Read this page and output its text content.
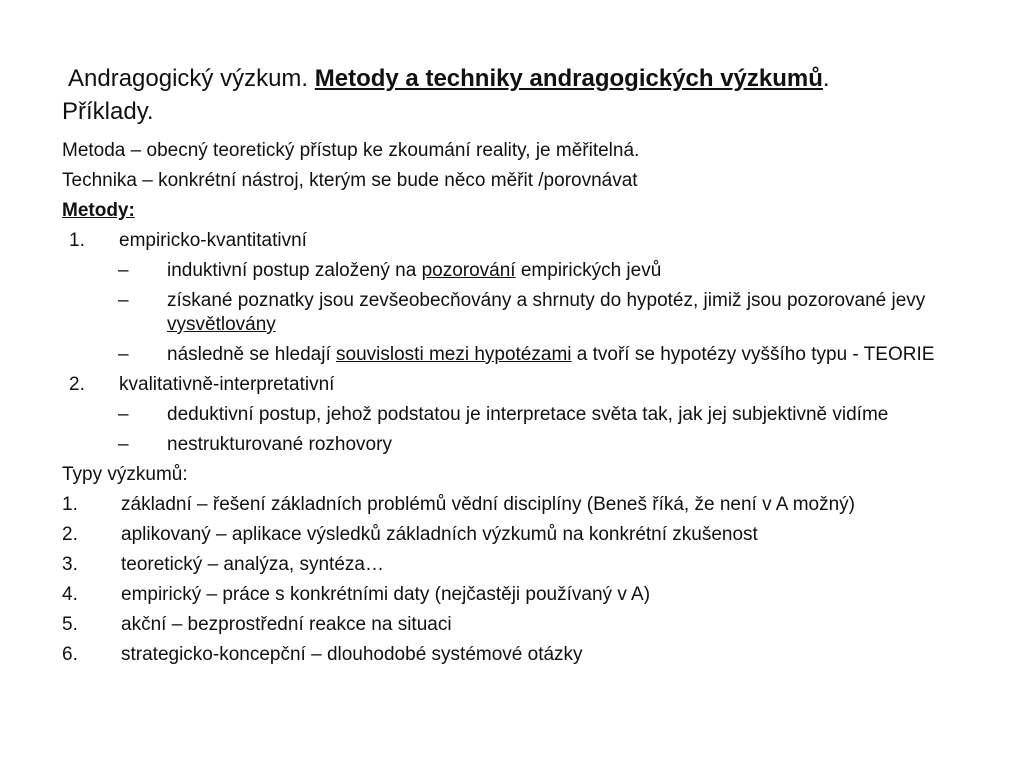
Andragogický výzkum. Metody a techniky andragogických výzkumů.
Příklady.
Metoda – obecný teoretický přístup ke zkoumání reality, je měřitelná.
Technika – konkrétní nástroj, kterým se bude něco měřit /porovnávat
Metody:
1.	empiricko-kvantitativní
–	induktivní postup založený na pozorování empirických jevů
–	získané poznatky jsou zevšeobecňovány a shrnuty do hypotéz, jimiž jsou pozorované jevy vysvětlovány
–	následně se hledají souvislosti mezi hypotézami a tvoří se hypotézy vyššího typu - TEORIE
2.	kvalitativně-interpretativní
–	deduktivní postup, jehož podstatou je interpretace světa tak, jak jej subjektivně vidíme
–	nestrukturované rozhovory
Typy výzkumů:
1.	základní – řešení základních problémů vědní disciplíny (Beneš říká, že není v A možný)
2.	aplikovaný – aplikace výsledků základních výzkumů na konkrétní zkušenost
3.	teoretický – analýza, syntéza…
4.	empirický – práce s konkrétními daty (nejčastěji používaný v A)
5.	akční – bezprostřední reakce na situaci
6.	strategicko-koncepční – dlouhodobé systémové otázky
